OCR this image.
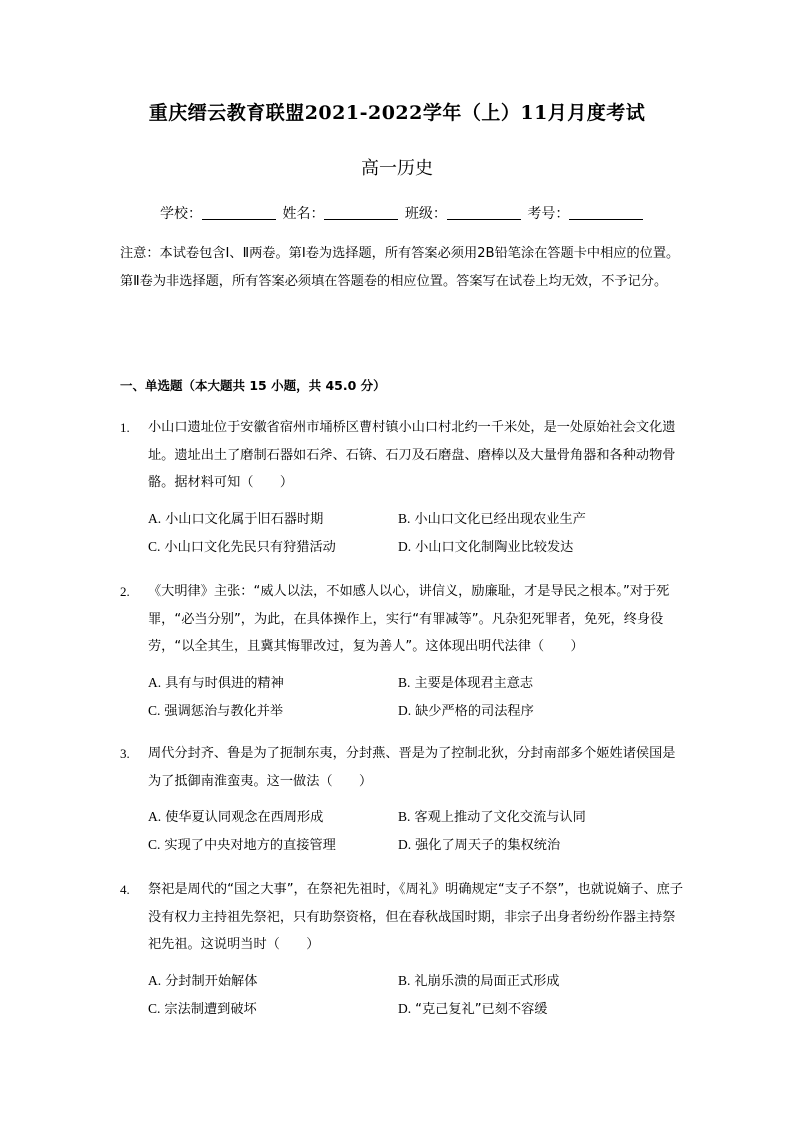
重庆缙云教育联盟2021-2022学年（上）11月月度考试
高一历史
学校：	姓名：	班级：	考号：
注意：本试卷包含Ⅰ、Ⅱ两卷。第Ⅰ卷为选择题，所有答案必须用2B铅笔涂在答题卡中相应的位置。第Ⅱ卷为非选择题，所有答案必须填在答题卷的相应位置。答案写在试卷上均无效，不予记分。
一、单选题（本大题共 15 小题，共 45.0 分）
1. 小山口遗址位于安徽省宿州市埇桥区曹村镇小山口村北约一千米处，是一处原始社会文化遗址。遗址出土了磨制石器如石斧、石锛、石刀及石磨盘、磨棒以及大量骨角器和各种动物骨骼。据材料可知（　　）
A. 小山口文化属于旧石器时期	B. 小山口文化已经出现农业生产
C. 小山口文化先民只有狩猎活动	D. 小山口文化制陶业比较发达
2. 《大明律》主张：“威人以法，不如感人以心，讲信义，励廉耻，才是导民之根本。”对于死罪，“必当分别”，为此，在具体操作上，实行“有罪减等”。凡杂犯死罪者，免死，终身役劳，“以全其生，且冀其悔罪改过，复为善人”。这体现出明代法律（　　）
A. 具有与时俱进的精神	B. 主要是体现君主意志
C. 强调惩治与教化并举	D. 缺少严格的司法程序
3. 周代分封齐、鲁是为了扼制东夷，分封燕、晋是为了控制北狄，分封南部多个姬姓诸侯国是为了抵御南淮蛮夷。这一做法（　　）
A. 使华夏认同观念在西周形成	B. 客观上推动了文化交流与认同
C. 实现了中央对地方的直接管理	D. 强化了周天子的集权统治
4. 祭祀是周代的“国之大事”，在祭祀先祖时，《周礼》明确规定“支子不祭”，也就说嫡子、庶子没有权力主持祖先祭祀，只有助祭资格，但在春秋战国时期，非宗子出身者纷纷作器主持祭祀先祖。这说明当时（　　）
A. 分封制开始解体	B. 礼崩乐溃的局面正式形成
C. 宗法制遭到破坏	D. “克己复礼”已刻不容缓
